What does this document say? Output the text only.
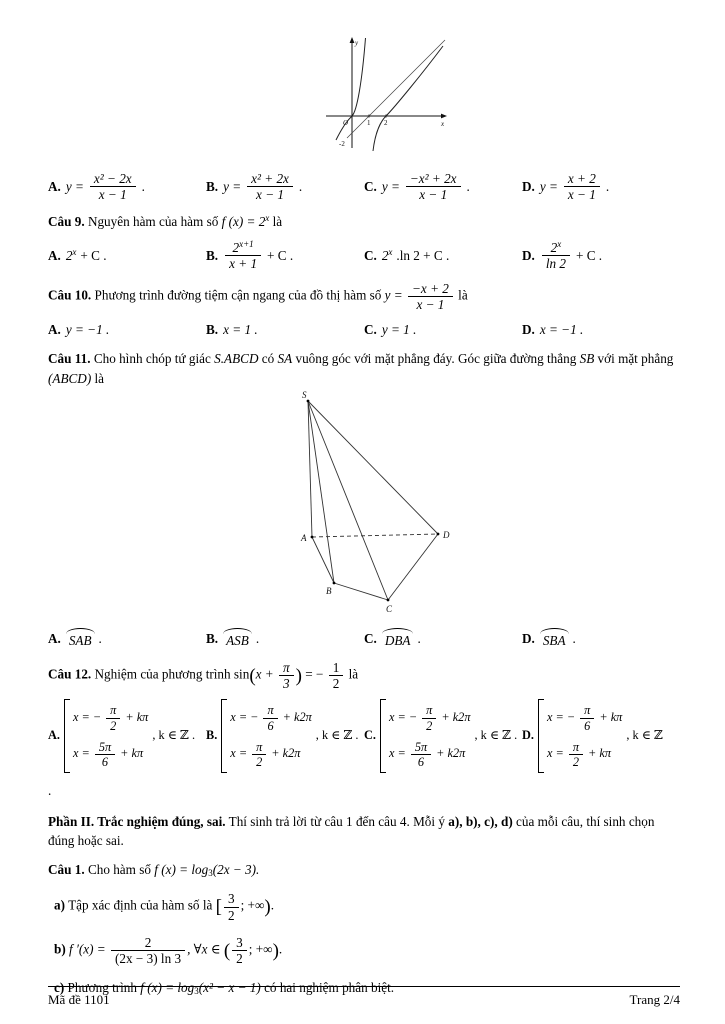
y
x
O	1 2
-2
A. $y = \frac{\text{x² − 2x}}{x - 1}$ .	B. $y = \frac{\text{x² + 2x}}{x - 1}$ .	C. $y = \frac{\text{−x² + 2x}}{x - 1}$ .	D. $y = \frac{x + 2}{x - 1}$ .

Câu 9. Nguyên hàm của hàm số f $(x) = 2^x$ là

A. $2^x + C$ .	B. $\frac{2^{x+1}}{x + 1} + C$ .	C. 2$^x$ .ln 2 + C .	D. $\frac{2^x}{\ln 2} + C$ .

Câu 10. Phương trình đường tiệm cận ngang của đồ thị hàm số $y = \frac{-x + 2}{x - 1}$ là

A. y = −1 .	B. x = 1 .	C. y = 1 .	D. x = −1 .

Câu 11. Cho hình chóp tứ giác S.ABCD có SA vuông góc với mặt phẳng đáy. Góc giữa đường thẳng SB với mặt phẳng (ABCD) là

S
A
B
C
D
A. SAB .	B. ASB .	C. DBA .	D. SBA .

Câu 12. Nghiệm của phương trình $\sin(x + \frac{\pi}{3}$ ) = − $\frac{1}{2}$ là

A.
x = − $\frac{\pi}{2} + k\pi$
$x = \frac{5\pi}{6} + k\pi$
, k ∈ ℤ . B.
x = − $\frac{\pi}{6} + k2\pi$
$x = \frac{\pi}{2} + k2\pi$
, k ∈ ℤ . C.
x = − $\frac{\pi}{2} + k2\pi$
$x = \frac{5\pi}{6} + k2\pi$
, k ∈ ℤ . D.
x = − $\frac{\pi}{6} + k\pi$
$x = \frac{\pi}{2} + k\pi$
, k ∈ ℤ

.

Phần II. Trắc nghiệm đúng, sai. Thí sinh trả lời từ câu 1 đến câu 4. Mỗi ý a), b), c), d) của mỗi câu, thí sinh chọn đúng hoặc sai.

Câu 1. Cho hàm số f $(x) = \log_3(2x - 3)$.

a) Tập xác định của hàm số là [ $\frac{3}{2}$ ; +∞).

b) f $'(x) = \frac{2}{(2x - 3) \ln 3}$ , ∀x ∈ ( $\frac{3}{2}$ ; +∞).

c) Phương trình f $(x) = \log_3(x^2 - x - 1)$ có hai nghiệm phân biệt.

Mã đề 1101	Trang 2/4
